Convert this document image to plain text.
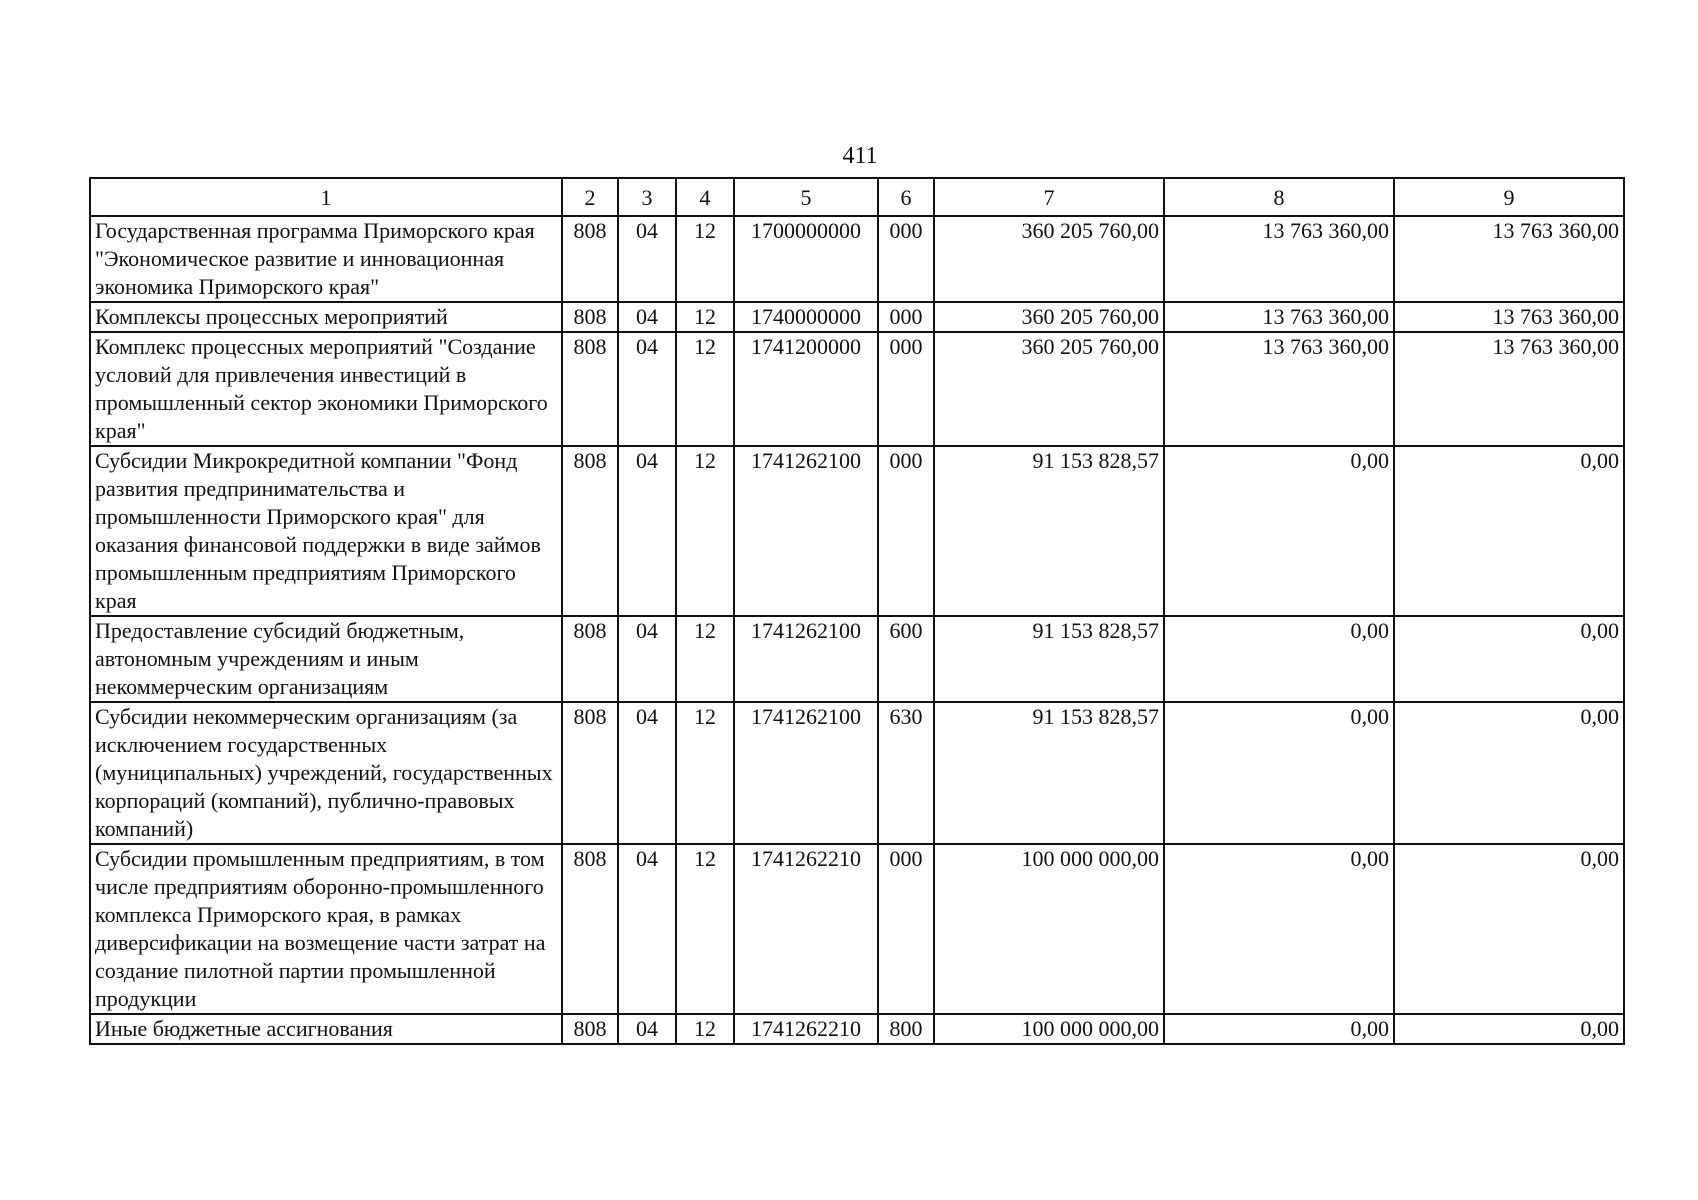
411
1	2	3	4	5	6	7	8	9
Государственная программа Приморского края "Экономическое развитие и инновационная экономика Приморского края"	808	04	12	1700000000	000	360 205 760,00	13 763 360,00	13 763 360,00
Комплексы процессных мероприятий	808	04	12	1740000000	000	360 205 760,00	13 763 360,00	13 763 360,00
Комплекс процессных мероприятий "Создание условий для привлечения инвестиций в промышленный сектор экономики Приморского края"	808	04	12	1741200000	000	360 205 760,00	13 763 360,00	13 763 360,00
Субсидии Микрокредитной компании "Фонд развития предпринимательства и промышленности Приморского края" для оказания финансовой поддержки в виде займов промышленным предприятиям Приморского края	808	04	12	1741262100	000	91 153 828,57	0,00	0,00
Предоставление субсидий бюджетным, автономным учреждениям и иным некоммерческим организациям	808	04	12	1741262100	600	91 153 828,57	0,00	0,00
Субсидии некоммерческим организациям (за исключением государственных (муниципальных) учреждений, государственных корпораций (компаний), публично-правовых компаний)	808	04	12	1741262100	630	91 153 828,57	0,00	0,00
Субсидии промышленным предприятиям, в том числе предприятиям оборонно-промышленного комплекса Приморского края, в рамках диверсификации на возмещение части затрат на создание пилотной партии промышленной продукции	808	04	12	1741262210	000	100 000 000,00	0,00	0,00
Иные бюджетные ассигнования	808	04	12	1741262210	800	100 000 000,00	0,00	0,00
